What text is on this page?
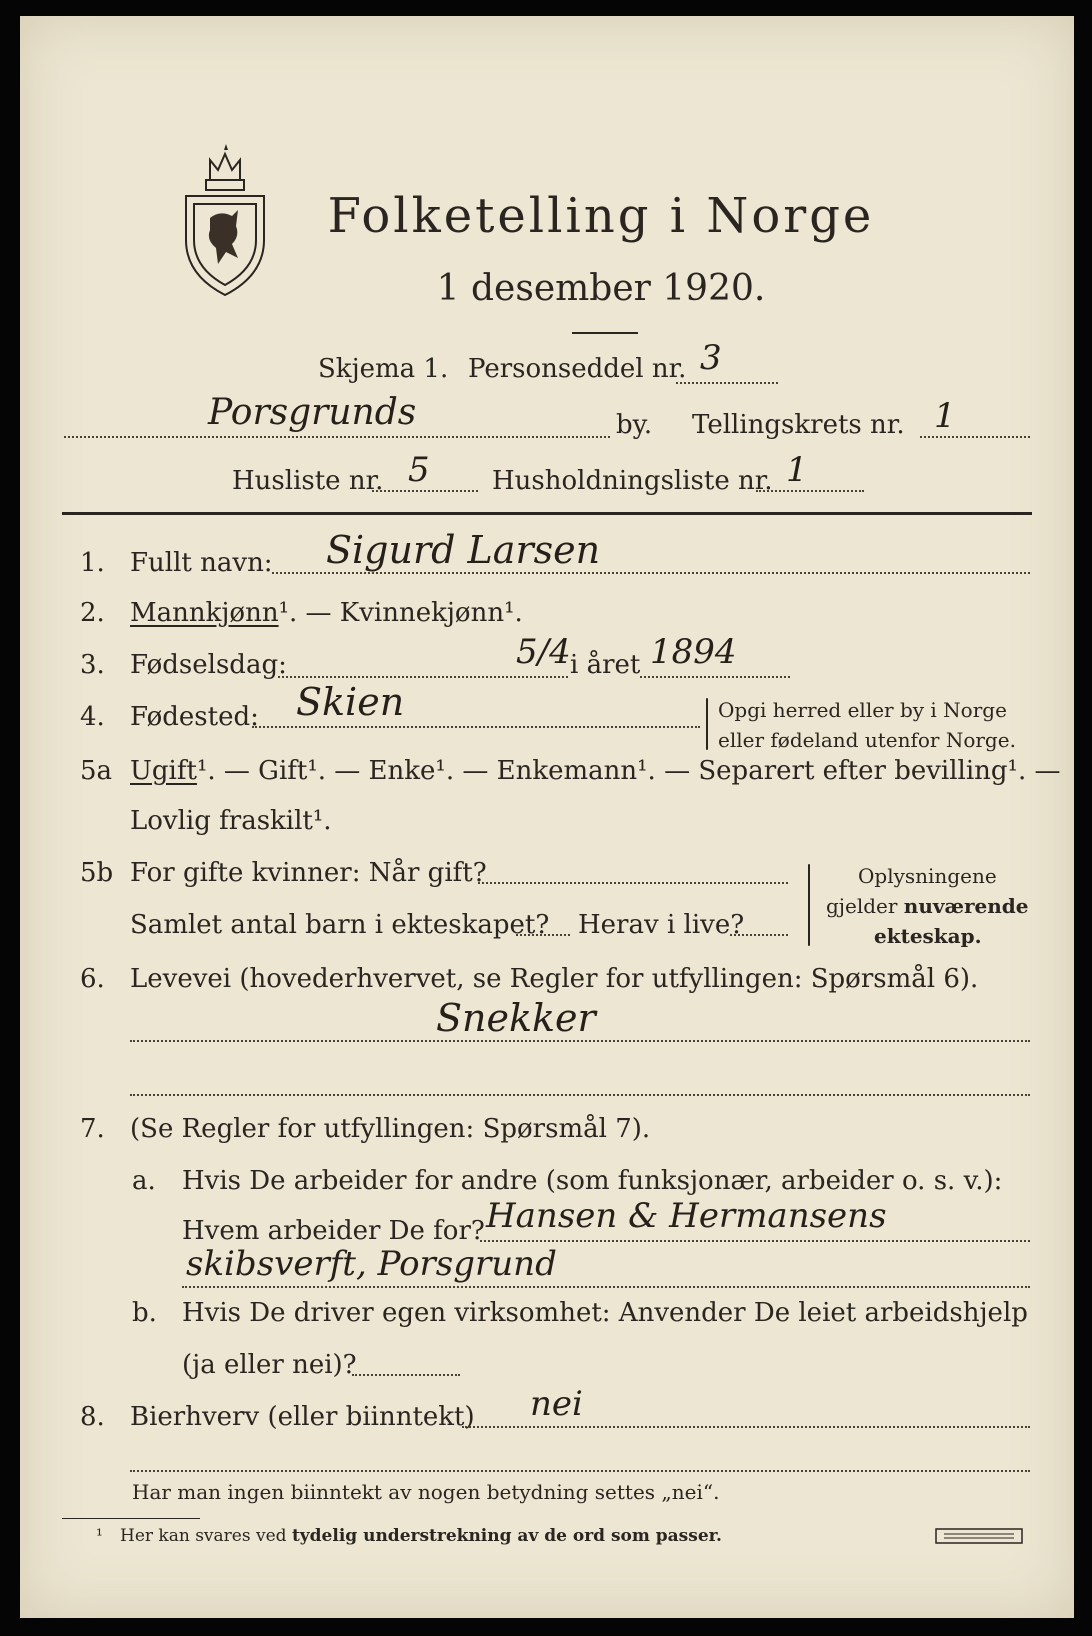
Folketelling i Norge
1 desember 1920.
Skjema 1. Personseddel nr. 3
Porsgrunds	by. Tellingskrets nr. 1
Husliste nr. 5 Husholdningsliste nr. 1
1. Fullt navn: Sigurd Larsen
2. Mannkjønn¹. — Kvinnekjønn¹.
3. Fødselsdag:	5/4 i året 1894
4. Fødested: Skien	Opgi herred eller by i Norge
eller fødeland utenfor Norge.
5a Ugift¹. — Gift¹. — Enke¹. — Enkemann¹. — Separert efter bevilling¹. —
Lovlig fraskilt¹.
5b For gifte kvinner: Når gift?
Samlet antal barn i ekteskapet? Herav i live?
Oplysningene
gjelder nuværende
ekteskap.
6. Levevei (hovederhvervet, se Regler for utfyllingen: Spørsmål 6).
Snekker
7. (Se Regler for utfyllingen: Spørsmål 7).
a. Hvis De arbeider for andre (som funksjonær, arbeider o. s. v.):
Hvem arbeider De for? Hansen & Hermansens
skibsverft, Porsgrund
b. Hvis De driver egen virksomhet: Anvender De leiet arbeidshjelp
(ja eller nei)?
8. Bierhverv (eller biinntekt) nei
Har man ingen biinntekt av nogen betydning settes „nei“.
¹ Her kan svares ved tydelig understrekning av de ord som passer.
